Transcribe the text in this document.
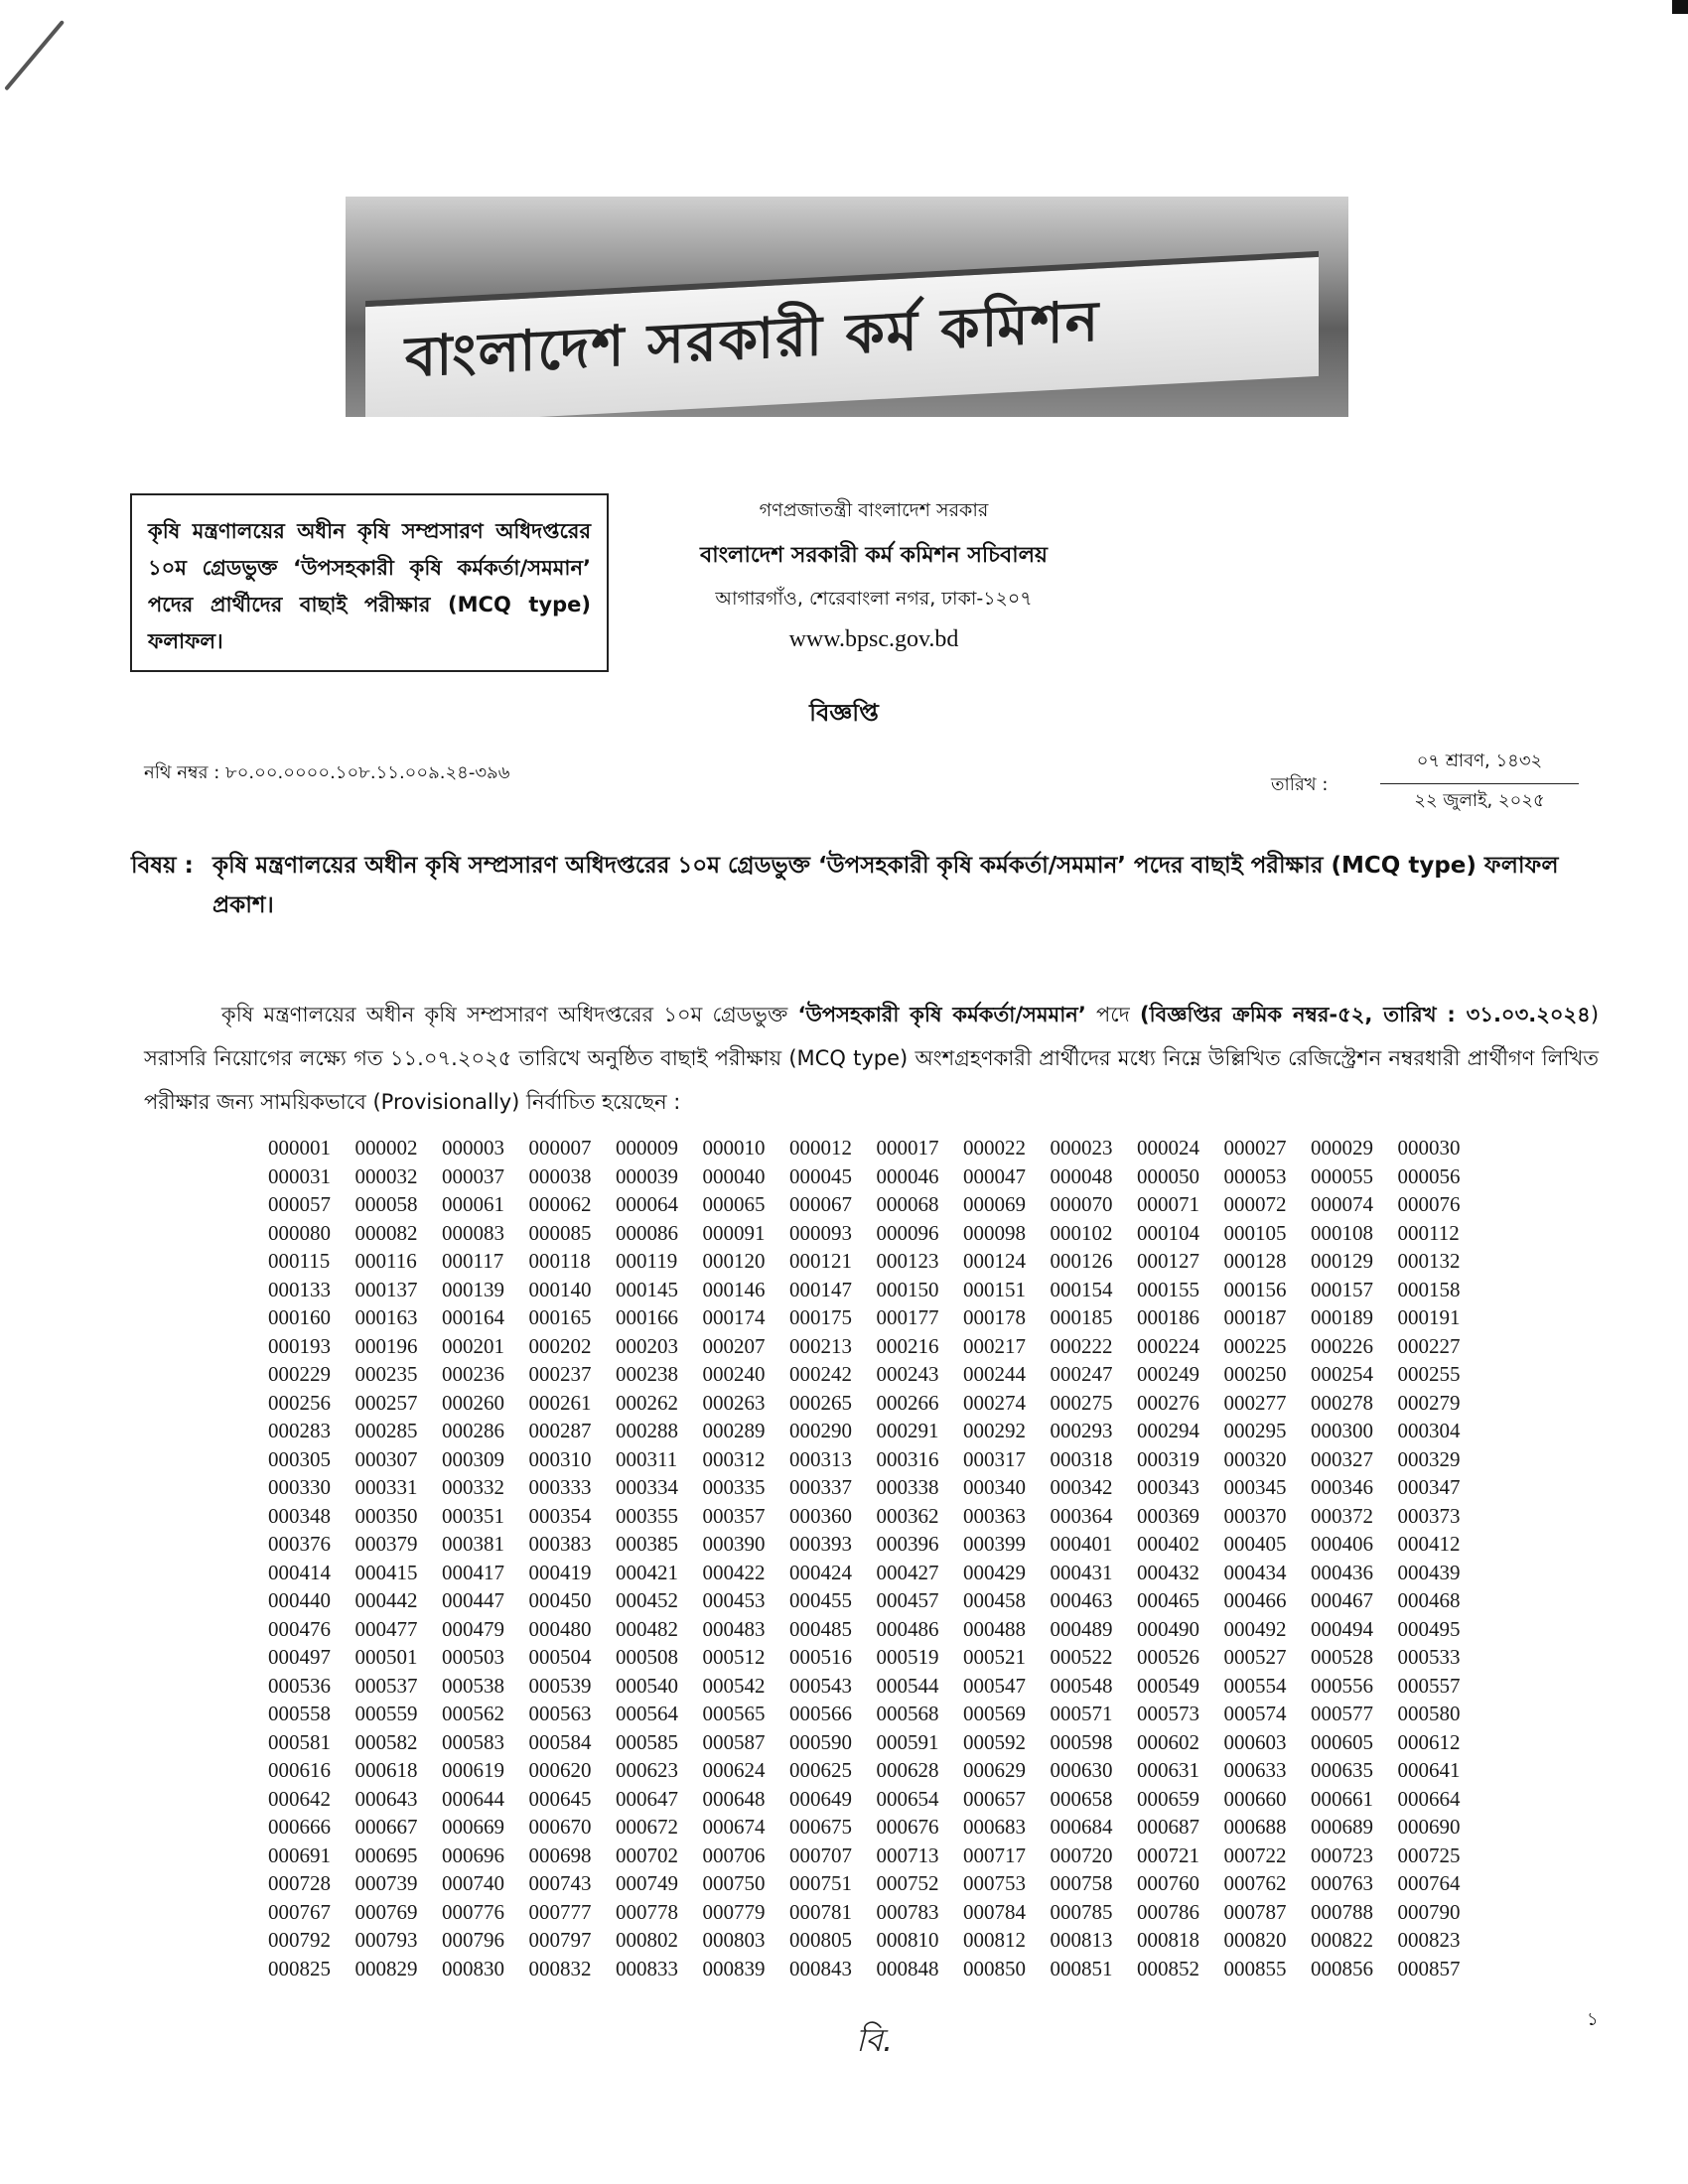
বাংলাদেশ সরকারী কর্ম কমিশন
কৃষি মন্ত্রণালয়ের অধীন কৃষি সম্প্রসারণ অধিদপ্তরের ১০ম গ্রেডভুক্ত ‘উপসহকারী কৃষি কর্মকর্তা/সমমান’ পদের প্রার্থীদের বাছাই পরীক্ষার (MCQ type) ফলাফল।
গণপ্রজাতন্ত্রী বাংলাদেশ সরকার
বাংলাদেশ সরকারী কর্ম কমিশন সচিবালয়
আগারগাঁও, শেরেবাংলা নগর, ঢাকা-১২০৭
www.bpsc.gov.bd
বিজ্ঞপ্তি
নথি নম্বর : ৮০.০০.০০০০.১০৮.১১.০০৯.২৪-৩৯৬
তারিখ :
০৭ শ্রাবণ, ১৪৩২
২২ জুলাই, ২০২৫
বিষয় : কৃষি মন্ত্রণালয়ের অধীন কৃষি সম্প্রসারণ অধিদপ্তরের ১০ম গ্রেডভুক্ত ‘উপসহকারী কৃষি কর্মকর্তা/সমমান’ পদের বাছাই পরীক্ষার (MCQ type) ফলাফল প্রকাশ।
কৃষি মন্ত্রণালয়ের অধীন কৃষি সম্প্রসারণ অধিদপ্তরের ১০ম গ্রেডভুক্ত ‘উপসহকারী কৃষি কর্মকর্তা/সমমান’ পদে (বিজ্ঞপ্তির ক্রমিক নম্বর-৫২, তারিখ : ৩১.০৩.২০২৪) সরাসরি নিয়োগের লক্ষ্যে গত ১১.০৭.২০২৫ তারিখে অনুষ্ঠিত বাছাই পরীক্ষায় (MCQ type) অংশগ্রহণকারী প্রার্থীদের মধ্যে নিম্নে উল্লিখিত রেজিস্ট্রেশন নম্বরধারী প্রার্থীগণ লিখিত পরীক্ষার জন্য সাময়িকভাবে (Provisionally) নির্বাচিত হয়েছেন :
000001	000002	000003	000007	000009	000010	000012	000017	000022	000023	000024	000027	000029	000030
000031	000032	000037	000038	000039	000040	000045	000046	000047	000048	000050	000053	000055	000056
000057	000058	000061	000062	000064	000065	000067	000068	000069	000070	000071	000072	000074	000076
000080	000082	000083	000085	000086	000091	000093	000096	000098	000102	000104	000105	000108	000112
000115	000116	000117	000118	000119	000120	000121	000123	000124	000126	000127	000128	000129	000132
000133	000137	000139	000140	000145	000146	000147	000150	000151	000154	000155	000156	000157	000158
000160	000163	000164	000165	000166	000174	000175	000177	000178	000185	000186	000187	000189	000191
000193	000196	000201	000202	000203	000207	000213	000216	000217	000222	000224	000225	000226	000227
000229	000235	000236	000237	000238	000240	000242	000243	000244	000247	000249	000250	000254	000255
000256	000257	000260	000261	000262	000263	000265	000266	000274	000275	000276	000277	000278	000279
000283	000285	000286	000287	000288	000289	000290	000291	000292	000293	000294	000295	000300	000304
000305	000307	000309	000310	000311	000312	000313	000316	000317	000318	000319	000320	000327	000329
000330	000331	000332	000333	000334	000335	000337	000338	000340	000342	000343	000345	000346	000347
000348	000350	000351	000354	000355	000357	000360	000362	000363	000364	000369	000370	000372	000373
000376	000379	000381	000383	000385	000390	000393	000396	000399	000401	000402	000405	000406	000412
000414	000415	000417	000419	000421	000422	000424	000427	000429	000431	000432	000434	000436	000439
000440	000442	000447	000450	000452	000453	000455	000457	000458	000463	000465	000466	000467	000468
000476	000477	000479	000480	000482	000483	000485	000486	000488	000489	000490	000492	000494	000495
000497	000501	000503	000504	000508	000512	000516	000519	000521	000522	000526	000527	000528	000533
000536	000537	000538	000539	000540	000542	000543	000544	000547	000548	000549	000554	000556	000557
000558	000559	000562	000563	000564	000565	000566	000568	000569	000571	000573	000574	000577	000580
000581	000582	000583	000584	000585	000587	000590	000591	000592	000598	000602	000603	000605	000612
000616	000618	000619	000620	000623	000624	000625	000628	000629	000630	000631	000633	000635	000641
000642	000643	000644	000645	000647	000648	000649	000654	000657	000658	000659	000660	000661	000664
000666	000667	000669	000670	000672	000674	000675	000676	000683	000684	000687	000688	000689	000690
000691	000695	000696	000698	000702	000706	000707	000713	000717	000720	000721	000722	000723	000725
000728	000739	000740	000743	000749	000750	000751	000752	000753	000758	000760	000762	000763	000764
000767	000769	000776	000777	000778	000779	000781	000783	000784	000785	000786	000787	000788	000790
000792	000793	000796	000797	000802	000803	000805	000810	000812	000813	000818	000820	000822	000823
000825	000829	000830	000832	000833	000839	000843	000848	000850	000851	000852	000855	000856	000857
বি.
১
